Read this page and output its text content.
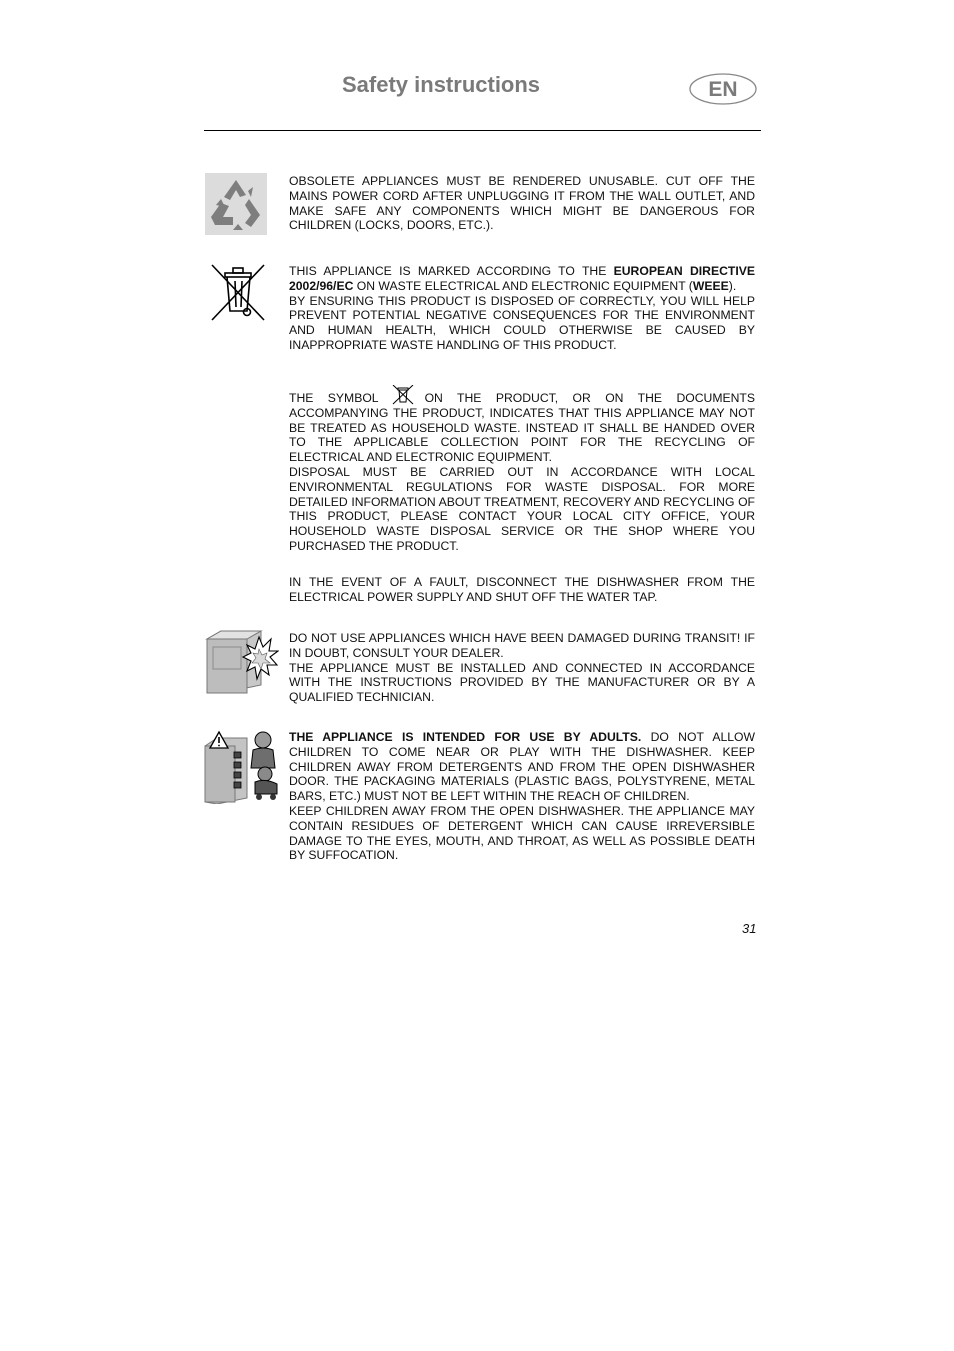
Safety instructions	EN

OBSOLETE APPLIANCES MUST BE RENDERED UNUSABLE. CUT OFF THE MAINS POWER CORD AFTER UNPLUGGING IT FROM THE WALL OUTLET, AND MAKE SAFE ANY COMPONENTS WHICH MIGHT BE DANGEROUS FOR CHILDREN (LOCKS, DOORS, ETC.).

THIS APPLIANCE IS MARKED ACCORDING TO THE EUROPEAN DIRECTIVE 2002/96/EC ON WASTE ELECTRICAL AND ELECTRONIC EQUIPMENT (WEEE).

BY ENSURING THIS PRODUCT IS DISPOSED OF CORRECTLY, YOU WILL HELP PREVENT POTENTIAL NEGATIVE CONSEQUENCES FOR THE ENVIRONMENT AND HUMAN HEALTH, WHICH COULD OTHERWISE BE CAUSED BY INAPPROPRIATE WASTE HANDLING OF THIS PRODUCT.

THE SYMBOL	ON THE PRODUCT, OR ON THE DOCUMENTS ACCOMPANYING THE PRODUCT, INDICATES THAT THIS APPLIANCE MAY NOT BE TREATED AS HOUSEHOLD WASTE. INSTEAD IT SHALL BE HANDED OVER TO THE APPLICABLE COLLECTION POINT FOR THE RECYCLING OF ELECTRICAL AND ELECTRONIC EQUIPMENT.

DISPOSAL MUST BE CARRIED OUT IN ACCORDANCE WITH LOCAL ENVIRONMENTAL REGULATIONS FOR WASTE DISPOSAL. FOR MORE DETAILED INFORMATION ABOUT TREATMENT, RECOVERY AND RECYCLING OF THIS PRODUCT, PLEASE CONTACT YOUR LOCAL CITY OFFICE, YOUR HOUSEHOLD WASTE DISPOSAL SERVICE OR THE SHOP WHERE YOU PURCHASED THE PRODUCT.

IN THE EVENT OF A FAULT, DISCONNECT THE DISHWASHER FROM THE ELECTRICAL POWER SUPPLY AND SHUT OFF THE WATER TAP.

DO NOT USE APPLIANCES WHICH HAVE BEEN DAMAGED DURING TRANSIT! IF IN DOUBT, CONSULT YOUR DEALER.

THE APPLIANCE MUST BE INSTALLED AND CONNECTED IN ACCORDANCE WITH THE INSTRUCTIONS PROVIDED BY THE MANUFACTURER OR BY A QUALIFIED TECHNICIAN.

THE APPLIANCE IS INTENDED FOR USE BY ADULTS. DO NOT ALLOW CHILDREN TO COME NEAR OR PLAY WITH THE DISHWASHER. KEEP CHILDREN AWAY FROM DETERGENTS AND FROM THE OPEN DISHWASHER DOOR. THE PACKAGING MATERIALS (PLASTIC BAGS, POLYSTYRENE, METAL BARS, ETC.) MUST NOT BE LEFT WITHIN THE REACH OF CHILDREN.

KEEP CHILDREN AWAY FROM THE OPEN DISHWASHER. THE APPLIANCE MAY CONTAIN RESIDUES OF DETERGENT WHICH CAN CAUSE IRREVERSIBLE DAMAGE TO THE EYES, MOUTH, AND THROAT, AS WELL AS POSSIBLE DEATH BY SUFFOCATION.

31
